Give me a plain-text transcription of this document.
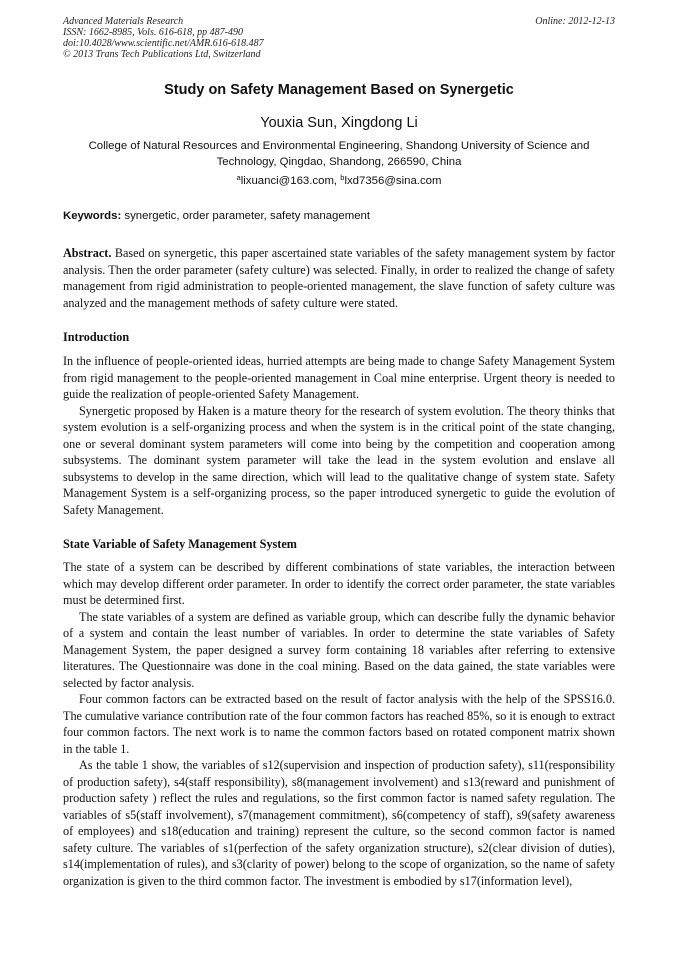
Advanced Materials Research
ISSN: 1662-8985, Vols. 616-618, pp 487-490
doi:10.4028/www.scientific.net/AMR.616-618.487
© 2013 Trans Tech Publications Ltd, Switzerland
Online: 2012-12-13
Study on Safety Management Based on Synergetic
Youxia Sun, Xingdong Li
College of Natural Resources and Environmental Engineering, Shandong University of Science and Technology, Qingdao, Shandong, 266590, China
$^a$lixuanci@163.com, $^b$lxd7356@sina.com
Keywords: synergetic, order parameter, safety management

Abstract. Based on synergetic, this paper ascertained state variables of the safety management system by factor analysis. Then the order parameter (safety culture) was selected. Finally, in order to realized the change of safety management from rigid administration to people-oriented management, the slave function of safety culture was analyzed and the management methods of safety culture were stated.

Introduction

In the influence of people-oriented ideas, hurried attempts are being made to change Safety Management System from rigid management to the people-oriented management in Coal mine enterprise. Urgent theory is needed to guide the realization of people-oriented Safety Management.

Synergetic proposed by Haken is a mature theory for the research of system evolution. The theory thinks that system evolution is a self-organizing process and when the system is in the critical point of the state changing, one or several dominant system parameters will come into being by the competition and cooperation among subsystems. The dominant system parameter will take the lead in the system evolution and enslave all subsystems to develop in the same direction, which will lead to the qualitative change of system state. Safety Management System is a self-organizing process, so the paper introduced synergetic to guide the evolution of Safety Management.

State Variable of Safety Management System

The state of a system can be described by different combinations of state variables, the interaction between which may develop different order parameter. In order to identify the correct order parameter, the state variables must be determined first.

The state variables of a system are defined as variable group, which can describe fully the dynamic behavior of a system and contain the least number of variables. In order to determine the state variables of Safety Management System, the paper designed a survey form containing 18 variables after referring to extensive literatures. The Questionnaire was done in the coal mining. Based on the data gained, the state variables were selected by factor analysis.

Four common factors can be extracted based on the result of factor analysis with the help of the SPSS16.0. The cumulative variance contribution rate of the four common factors has reached 85%, so it is enough to extract four common factors. The next work is to name the common factors based on rotated component matrix shown in the table 1.

As the table 1 show, the variables of s12(supervision and inspection of production safety), s11(responsibility of production safety), s4(staff responsibility), s8(management involvement) and s13(reward and punishment of production safety ) reflect the rules and regulations, so the first common factor is named safety regulation. The variables of s5(staff involvement), s7(management commitment), s6(competency of staff), s9(safety awareness of employees) and s18(education and training) represent the culture, so the second common factor is named safety culture. The variables of s1(perfection of the safety organization structure), s2(clear division of duties), s14(implementation of rules), and s3(clarity of power) belong to the scope of organization, so the name of safety organization is given to the third common factor. The investment is embodied by s17(information level),
